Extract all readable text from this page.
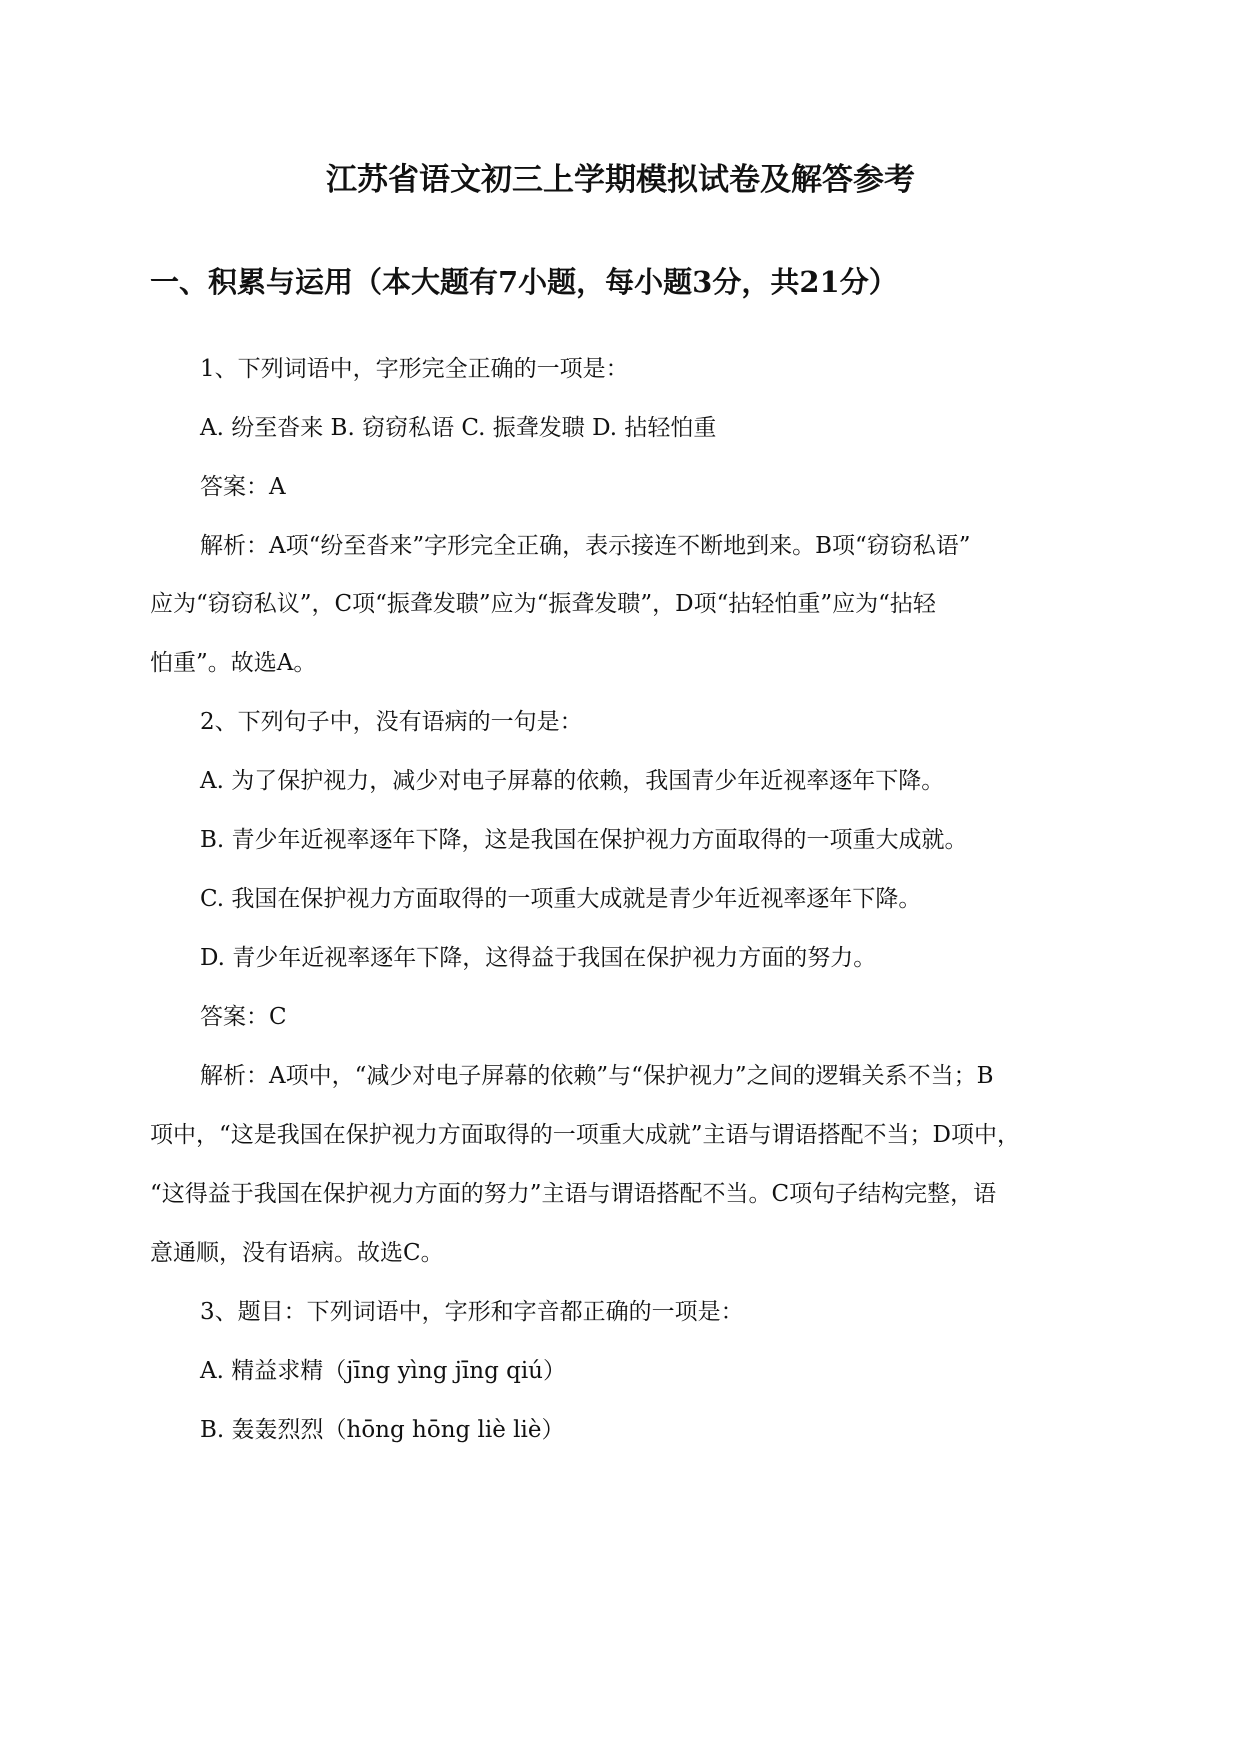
江苏省语文初三上学期模拟试卷及解答参考
一、积累与运用（本大题有7小题，每小题3分，共21分）

1、下列词语中，字形完全正确的一项是：

A. 纷至沓来 B. 窃窃私语 C. 振聋发聩 D. 拈轻怕重

答案：A

解析：A项“纷至沓来”字形完全正确，表示接连不断地到来。B项“窃窃私语”

应为“窃窃私议”，C项“振聋发聩”应为“振聋发聩”，D项“拈轻怕重”应为“拈轻

怕重”。故选A。

2、下列句子中，没有语病的一句是：

A. 为了保护视力，减少对电子屏幕的依赖，我国青少年近视率逐年下降。

B. 青少年近视率逐年下降，这是我国在保护视力方面取得的一项重大成就。

C. 我国在保护视力方面取得的一项重大成就是青少年近视率逐年下降。

D. 青少年近视率逐年下降，这得益于我国在保护视力方面的努力。

答案：C

解析：A项中，“减少对电子屏幕的依赖”与“保护视力”之间的逻辑关系不当；B

项中，“这是我国在保护视力方面取得的一项重大成就”主语与谓语搭配不当；D项中，

“这得益于我国在保护视力方面的努力”主语与谓语搭配不当。C项句子结构完整，语

意通顺，没有语病。故选C。

3、题目：下列词语中，字形和字音都正确的一项是：

A. 精益求精（jīng yìng jīng qiú）

B. 轰轰烈烈（hōng hōng liè liè）
